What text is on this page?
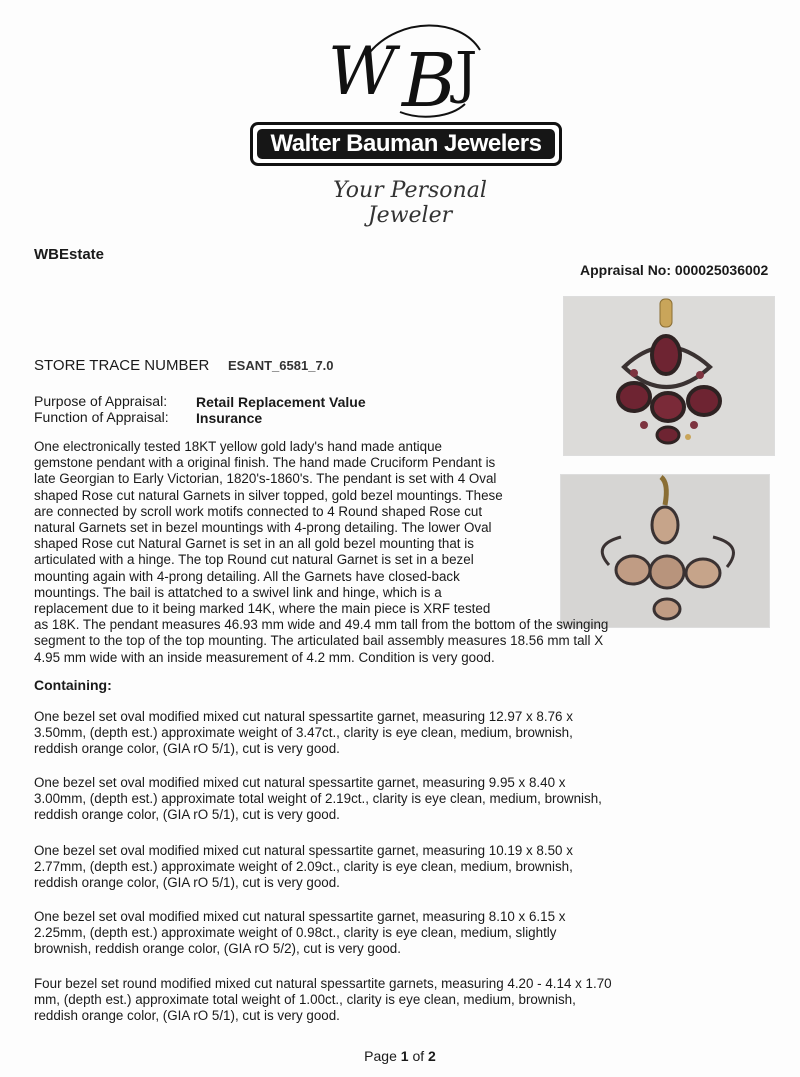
W B
J
Walter Bauman Jewelers
Your Personal Jeweler
WBEstate
Appraisal No: 000025036002
STORE TRACE NUMBER ESANT_6581_7.0
Purpose of Appraisal: Retail Replacement Value
Function of Appraisal: Insurance
One electronically tested 18KT yellow gold lady's hand made antique
gemstone pendant with a original finish. The hand made Cruciform Pendant is
late Georgian to Early Victorian, 1820's-1860's. The pendant is set with 4 Oval
shaped Rose cut natural Garnets in silver topped, gold bezel mountings. These
are connected by scroll work motifs connected to 4 Round shaped Rose cut
natural Garnets set in bezel mountings with 4-prong detailing. The lower Oval
shaped Rose cut Natural Garnet is set in an all gold bezel mounting that is
articulated with a hinge. The top Round cut natural Garnet is set in a bezel
mounting again with 4-prong detailing. All the Garnets have closed-back
mountings. The bail is attatched to a swivel link and hinge, which is a
replacement due to it being marked 14K, where the main piece is XRF tested
as 18K. The pendant measures 46.93 mm wide and 49.4 mm tall from the bottom of the swinging
segment to the top of the top mounting. The articulated bail assembly measures 18.56 mm tall X
4.95 mm wide with an inside measurement of 4.2 mm. Condition is very good.
Containing:
One bezel set oval modified mixed cut natural spessartite garnet, measuring 12.97 x 8.76 x
3.50mm, (depth est.) approximate weight of 3.47ct., clarity is eye clean, medium, brownish,
reddish orange color, (GIA rO 5/1), cut is very good.
One bezel set oval modified mixed cut natural spessartite garnet, measuring 9.95 x 8.40 x
3.00mm, (depth est.) approximate total weight of 2.19ct., clarity is eye clean, medium, brownish,
reddish orange color, (GIA rO 5/1), cut is very good.
One bezel set oval modified mixed cut natural spessartite garnet, measuring 10.19 x 8.50 x
2.77mm, (depth est.) approximate weight of 2.09ct., clarity is eye clean, medium, brownish,
reddish orange color, (GIA rO 5/1), cut is very good.
One bezel set oval modified mixed cut natural spessartite garnet, measuring 8.10 x 6.15 x
2.25mm, (depth est.) approximate weight of 0.98ct., clarity is eye clean, medium, slightly
brownish, reddish orange color, (GIA rO 5/2), cut is very good.
Four bezel set round modified mixed cut natural spessartite garnets, measuring 4.20 - 4.14 x 1.70
mm, (depth est.) approximate total weight of 1.00ct., clarity is eye clean, medium, brownish,
reddish orange color, (GIA rO 5/1), cut is very good.
Page 1 of 2
